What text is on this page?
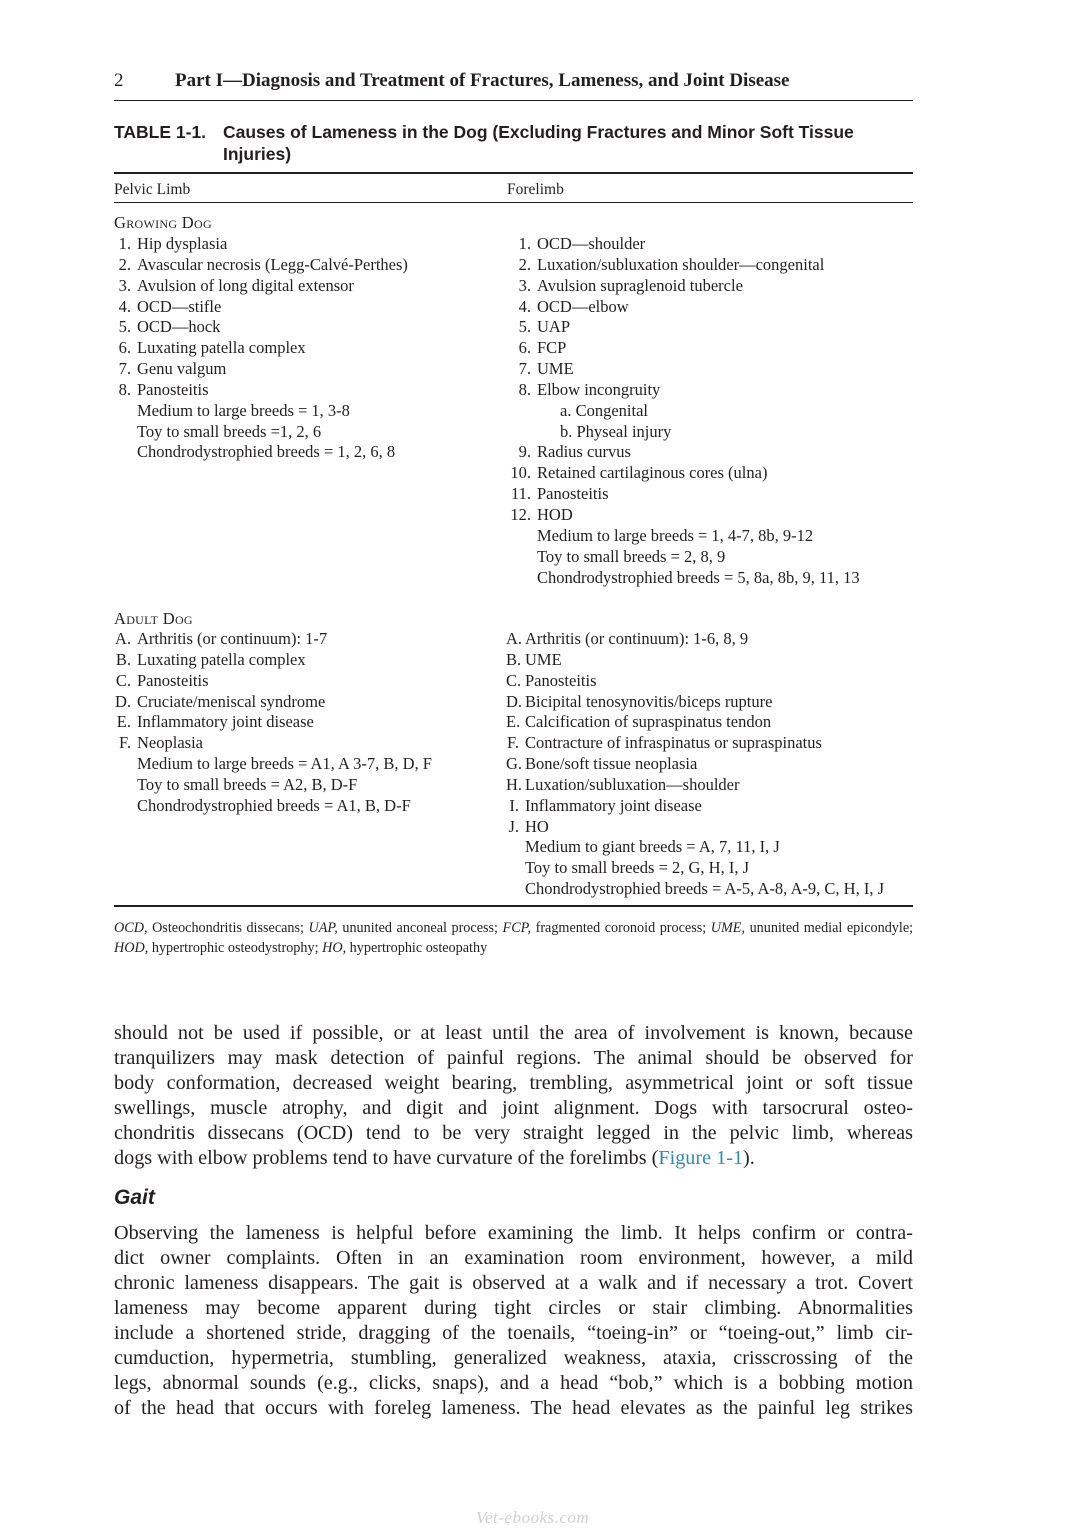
2	Part I—Diagnosis and Treatment of Fractures, Lameness, and Joint Disease
TABLE 1-1. Causes of Lameness in the Dog (Excluding Fractures and Minor Soft Tissue Injuries)
Pelvic Limb	Forelimb
Growing Dog
1. Hip dysplasia
2. Avascular necrosis (Legg-Calvé-Perthes)
3. Avulsion of long digital extensor
4. OCD—stifle
5. OCD—hock
6. Luxating patella complex
7. Genu valgum
8. Panosteitis
Medium to large breeds = 1, 3-8
Toy to small breeds =1, 2, 6
Chondrodystrophied breeds = 1, 2, 6, 8
1. OCD—shoulder
2. Luxation/subluxation shoulder—congenital
3. Avulsion supraglenoid tubercle
4. OCD—elbow
5. UAP
6. FCP
7. UME
8. Elbow incongruity
a. Congenital
b. Physeal injury
9. Radius curvus
10. Retained cartilaginous cores (ulna)
11. Panosteitis
12. HOD
Medium to large breeds = 1, 4-7, 8b, 9-12
Toy to small breeds = 2, 8, 9
Chondrodystrophied breeds = 5, 8a, 8b, 9, 11, 13
Adult Dog
A. Arthritis (or continuum): 1-7
B. Luxating patella complex
C. Panosteitis
D. Cruciate/meniscal syndrome
E. Inflammatory joint disease
F. Neoplasia
Medium to large breeds = A1, A 3-7, B, D, F
Toy to small breeds = A2, B, D-F
Chondrodystrophied breeds = A1, B, D-F
A. Arthritis (or continuum): 1-6, 8, 9
B. UME
C. Panosteitis
D. Bicipital tenosynovitis/biceps rupture
E. Calcification of supraspinatus tendon
F. Contracture of infraspinatus or supraspinatus
G. Bone/soft tissue neoplasia
H. Luxation/subluxation—shoulder
I. Inflammatory joint disease
J. HO
Medium to giant breeds = A, 7, 11, I, J
Toy to small breeds = 2, G, H, I, J
Chondrodystrophied breeds = A-5, A-8, A-9, C, H, I, J
OCD, Osteochondritis dissecans; UAP, ununited anconeal process; FCP, fragmented coronoid process; UME, ununited medial epicondyle; HOD, hypertrophic osteodystrophy; HO, hypertrophic osteopathy
should not be used if possible, or at least until the area of involvement is known, because
tranquilizers may mask detection of painful regions. The animal should be observed for
body conformation, decreased weight bearing, trembling, asymmetrical joint or soft tissue
swellings, muscle atrophy, and digit and joint alignment. Dogs with tarsocrural osteo-
chondritis dissecans (OCD) tend to be very straight legged in the pelvic limb, whereas
dogs with elbow problems tend to have curvature of the forelimbs (Figure 1-1).
Gait
Observing the lameness is helpful before examining the limb. It helps confirm or contra-
dict owner complaints. Often in an examination room environment, however, a mild
chronic lameness disappears. The gait is observed at a walk and if necessary a trot. Covert
lameness may become apparent during tight circles or stair climbing. Abnormalities
include a shortened stride, dragging of the toenails, “toeing-in” or “toeing-out,” limb cir-
cumduction, hypermetria, stumbling, generalized weakness, ataxia, crisscrossing of the
legs, abnormal sounds (e.g., clicks, snaps), and a head “bob,” which is a bobbing motion
of the head that occurs with foreleg lameness. The head elevates as the painful leg strikes
Vet-ebooks.com
